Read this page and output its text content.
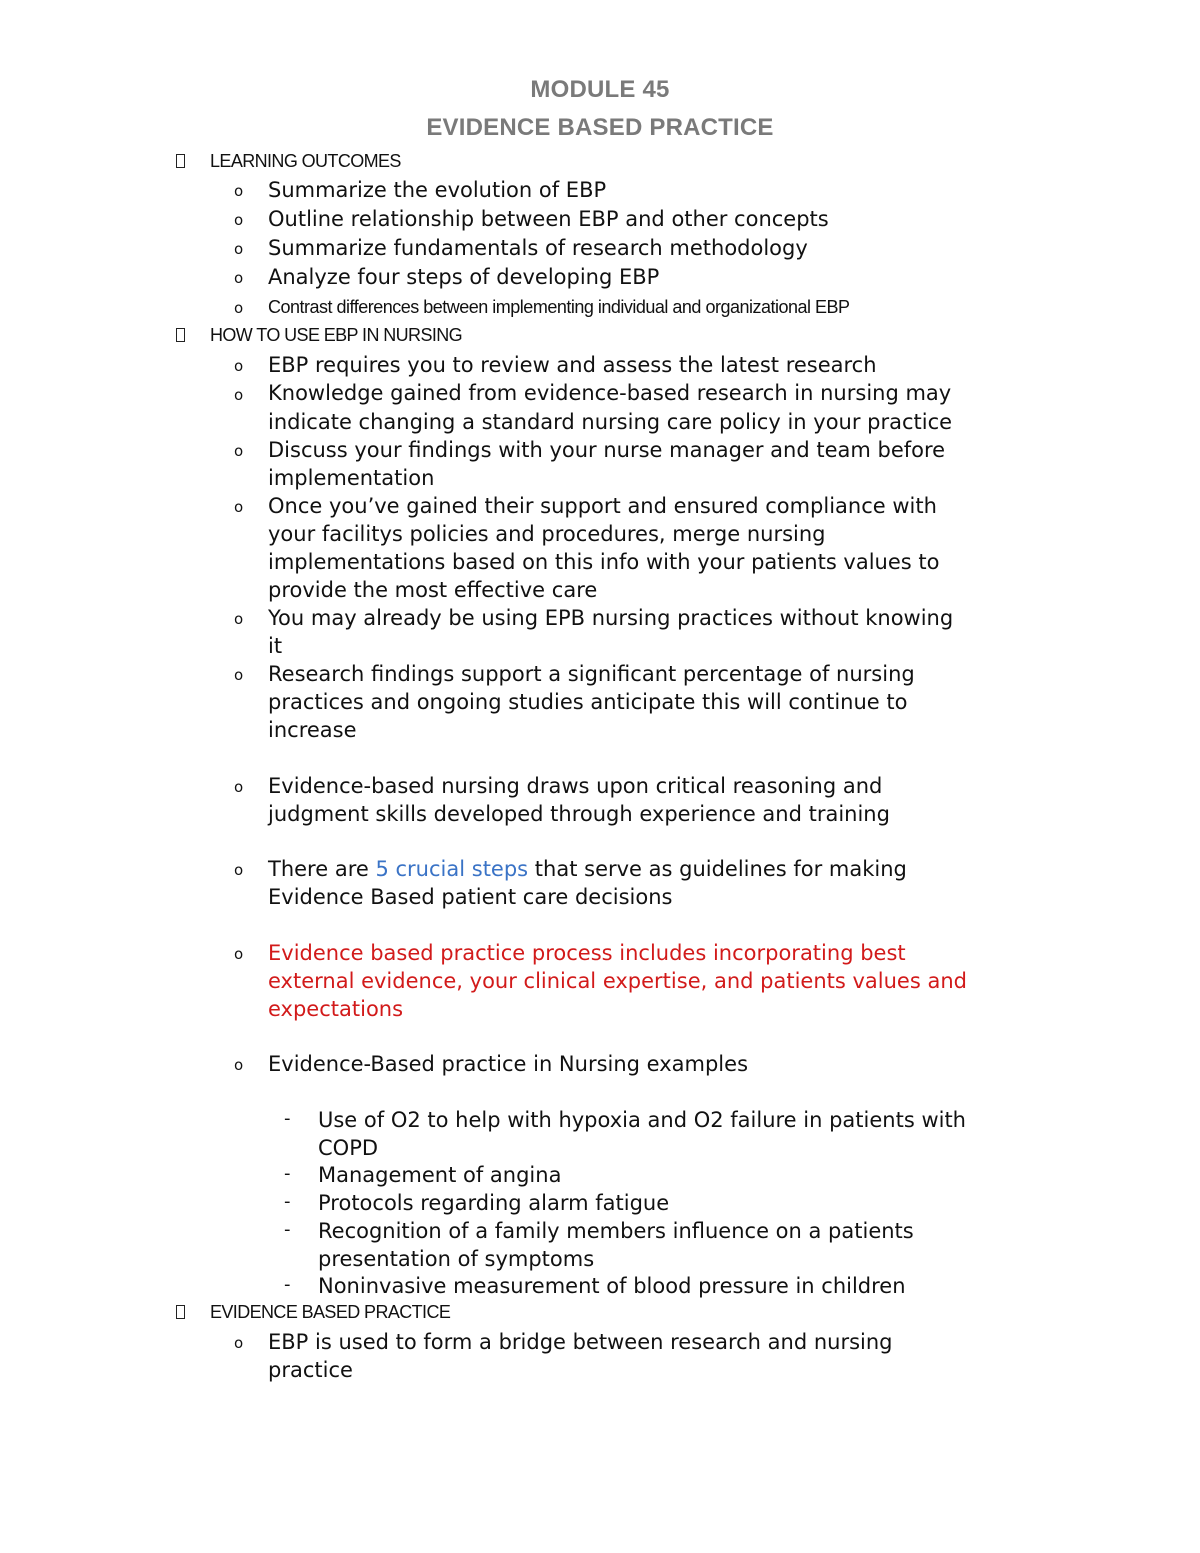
MODULE 45
EVIDENCE BASED PRACTICE
LEARNING OUTCOMES
o Summarize the evolution of EBP
o Outline relationship between EBP and other concepts
o Summarize fundamentals of research methodology
o Analyze four steps of developing EBP
o Contrast differences between implementing individual and organizational EBP
HOW TO USE EBP IN NURSING
o EBP requires you to review and assess the latest research
o Knowledge gained from evidence-based research in nursing may
indicate changing a standard nursing care policy in your practice
o Discuss your findings with your nurse manager and team before
implementation
o Once you’ve gained their support and ensured compliance with
your facilitys policies and procedures, merge nursing
implementations based on this info with your patients values to
provide the most effective care
o You may already be using EPB nursing practices without knowing
it
o Research findings support a significant percentage of nursing
practices and ongoing studies anticipate this will continue to
increase
o Evidence-based nursing draws upon critical reasoning and
judgment skills developed through experience and training
o There are 5 crucial steps that serve as guidelines for making
Evidence Based patient care decisions
o Evidence based practice process includes incorporating best
external evidence, your clinical expertise, and patients values and
expectations
o Evidence-Based practice in Nursing examples
- Use of O2 to help with hypoxia and O2 failure in patients with
COPD
- Management of angina
- Protocols regarding alarm fatigue
- Recognition of a family members influence on a patients
presentation of symptoms
- Noninvasive measurement of blood pressure in children
EVIDENCE BASED PRACTICE
o EBP is used to form a bridge between research and nursing
practice
